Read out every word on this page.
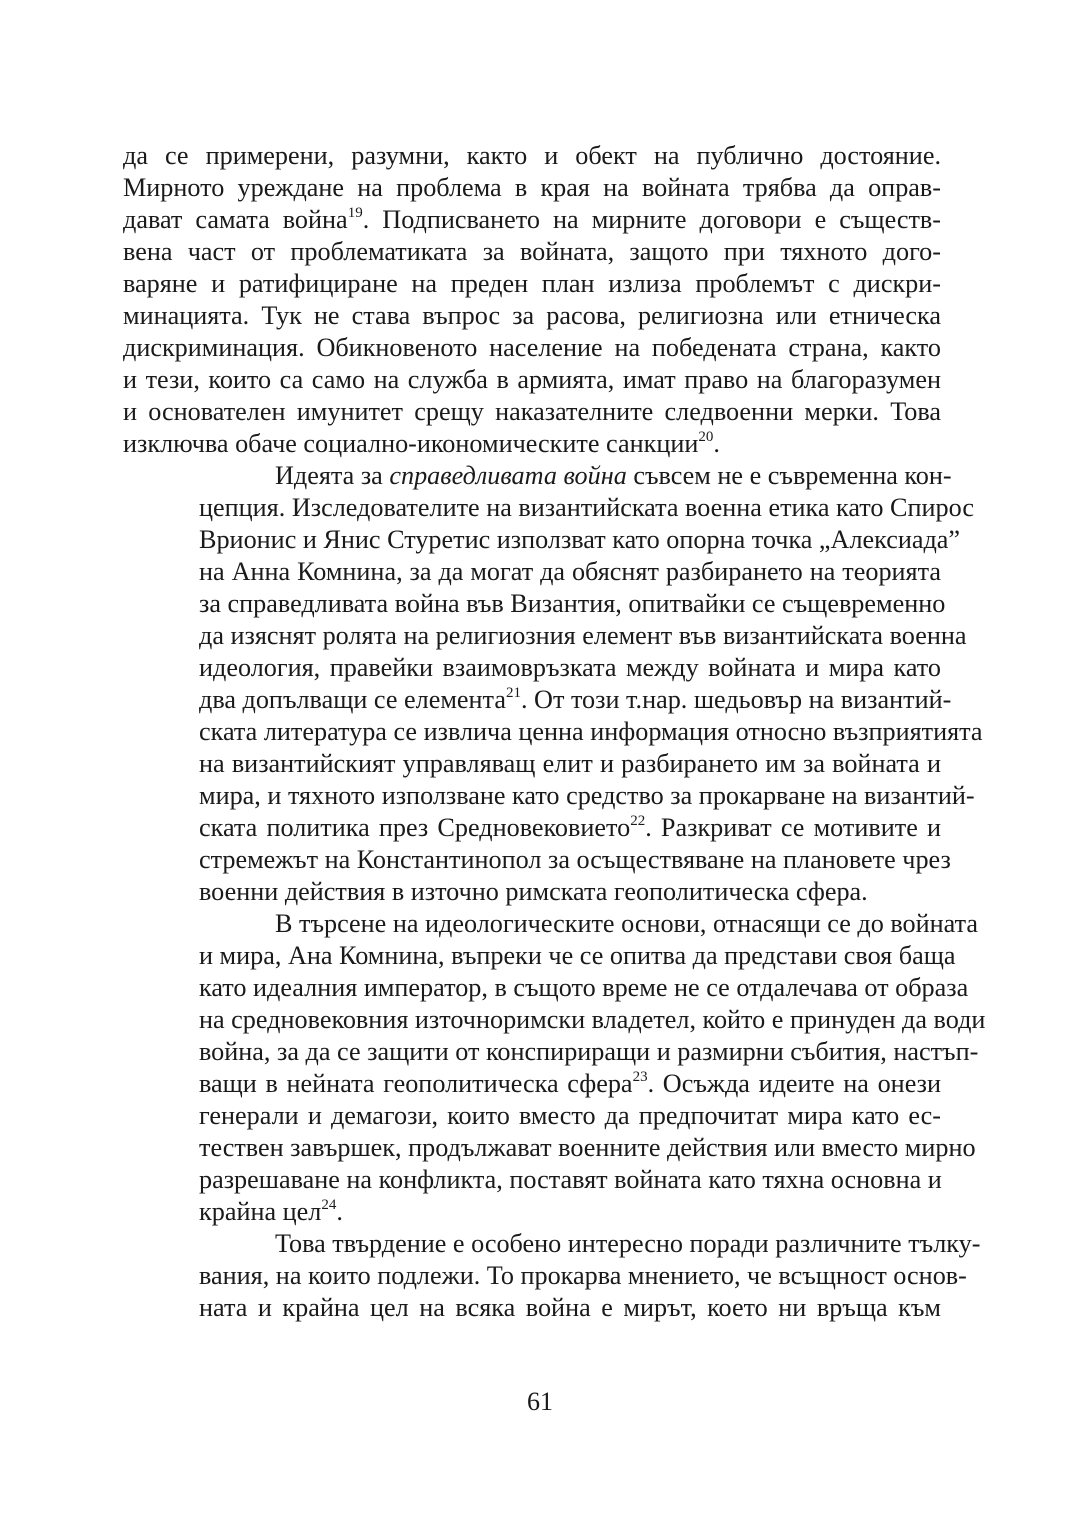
да се примерени, разумни, както и обект на публично достояние.
Мирното уреждане на проблема в края на войната трябва да оправ-
дават самата война$^{19}$. Подписването на мирните договори е съществ-
вена част от проблематиката за войната, защото при тяхното дого-
варяне и ратифициране на преден план излиза проблемът с дискри-
минацията. Тук не става въпрос за расова, религиозна или етническа
дискриминация. Обикновеното население на победената страна, както
и тези, които са само на служба в армията, имат право на благоразумен
и основателен имунитет срещу наказателните следвоенни мерки. Това
изключва обаче социално-икономическите санкции$^{20}$.
Идеята за справедливата война съвсем не е съвременна кон-
цепция. Изследователите на византийската военна етика като Спирос
Врионис и Янис Стуретис използват като опорна точка „Алексиада”
на Анна Комнина, за да могат да обяснят разбирането на теорията
за справедливата война във Византия, опитвайки се същевременно
да изяснят ролята на религиозния елемент във византийската военна
идеология, правейки взаимовръзката между войната и мира като
два допълващи се елемента$^{21}$. От този т.нар. шедьовър на византий-
ската литература се извлича ценна информация относно възприятията
на византийският управляващ елит и разбирането им за войната и
мира, и тяхното използване като средство за прокарване на византий-
ската политика през Средновековието$^{22}$. Разкриват се мотивите и
стремежът на Константинопол за осъществяване на плановете чрез
военни действия в източно римската геополитическа сфера.
В търсене на идеологическите основи, отнасящи се до войната
и мира, Ана Комнина, въпреки че се опитва да представи своя баща
като идеалния император, в същото време не се отдалечава от образа
на средновековния източноримски владетел, който е принуден да води
война, за да се защити от конспириращи и размирни събития, настъп-
ващи в нейната геополитическа сфера$^{23}$. Осъжда идеите на онези
генерали и демагози, които вместо да предпочитат мира като ес-
тествен завършек, продължават военните действия или вместо мирно
разрешаване на конфликта, поставят войната като тяхна основна и
крайна цел$^{24}$.
Това твърдение е особено интересно поради различните тълку-
вания, на които подлежи. То прокарва мнението, че всъщност основ-
ната и крайна цел на всяка война е мирът, което ни връща към
61
